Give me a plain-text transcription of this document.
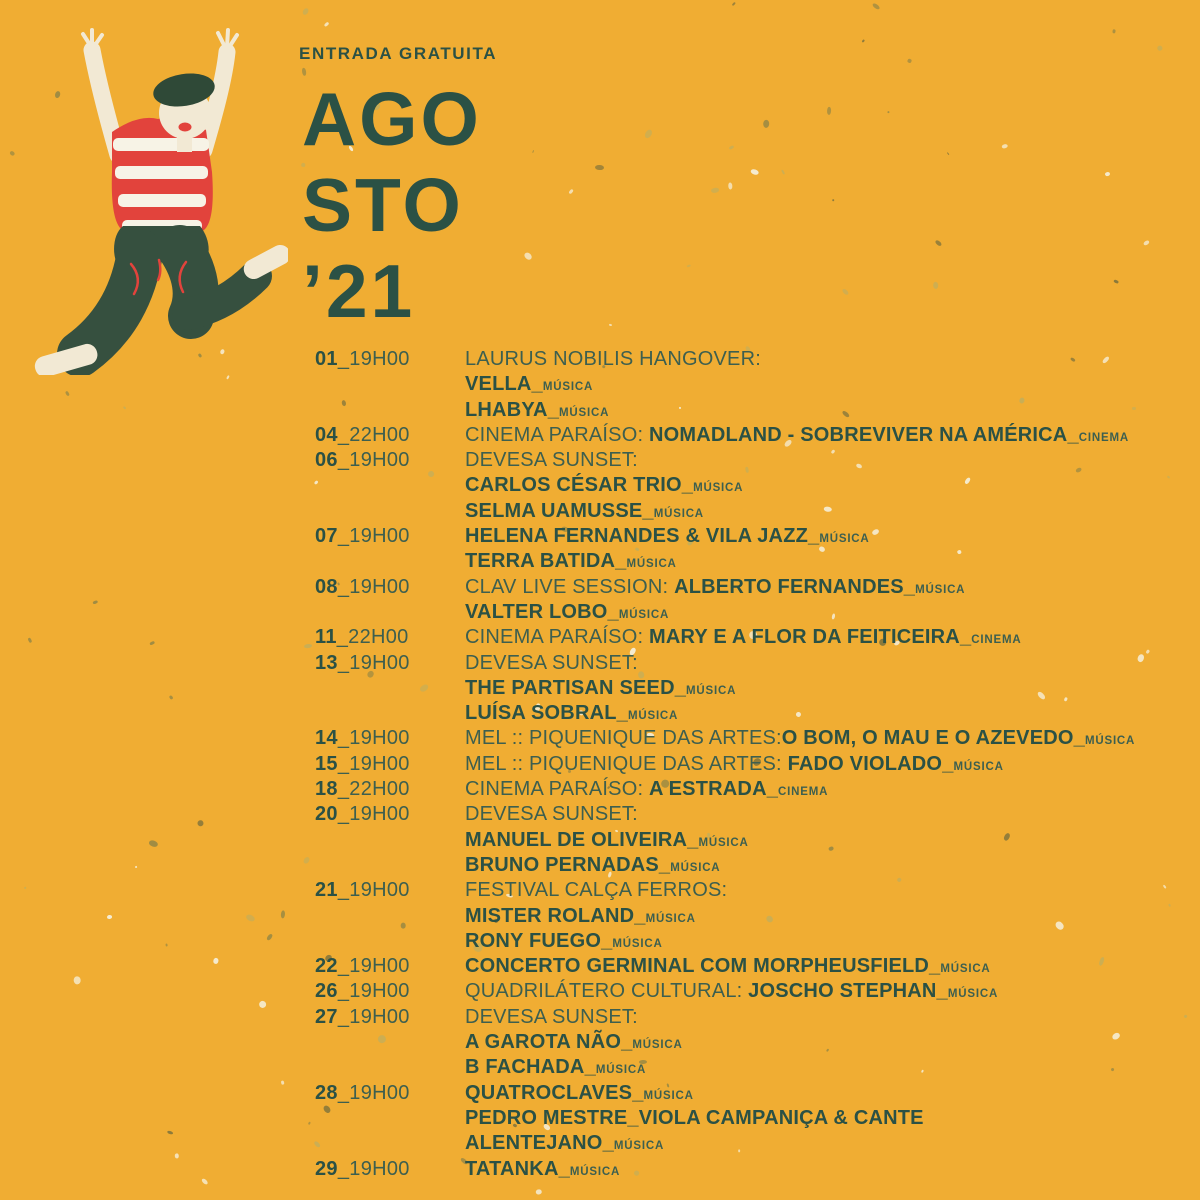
ENTRADA GRATUITA
AGO
STO
’21
01_19H00	LAURUS NOBILIS HANGOVER:
VELLA_MÚSICA
LHABYA_MÚSICA
04_22H00	CINEMA PARAÍSO: NOMADLAND - SOBREVIVER NA AMÉRICA_CINEMA
06_19H00	DEVESA SUNSET:
CARLOS CÉSAR TRIO_MÚSICA
SELMA UAMUSSE_MÚSICA
07_19H00	HELENA FERNANDES & VILA JAZZ_MÚSICA
TERRA BATIDA_MÚSICA
08_19H00	CLAV LIVE SESSION: ALBERTO FERNANDES_MÚSICA
VALTER LOBO_MÚSICA
11_22H00	CINEMA PARAÍSO: MARY E A FLOR DA FEITICEIRA_CINEMA
13_19H00	DEVESA SUNSET:
THE PARTISAN SEED_MÚSICA
LUÍSA SOBRAL_MÚSICA
14_19H00	MEL :: PIQUENIQUE DAS ARTES:O BOM, O MAU E O AZEVEDO_MÚSICA
15_19H00	MEL :: PIQUENIQUE DAS ARTES: FADO VIOLADO_MÚSICA
18_22H00	CINEMA PARAÍSO: A ESTRADA_CINEMA
20_19H00	DEVESA SUNSET:
MANUEL DE OLIVEIRA_MÚSICA
BRUNO PERNADAS_MÚSICA
21_19H00	FESTIVAL CALÇA FERROS:
MISTER ROLAND_MÚSICA
RONY FUEGO_MÚSICA
22_19H00	CONCERTO GERMINAL COM MORPHEUSFIELD_MÚSICA
26_19H00	QUADRILÁTERO CULTURAL: JOSCHO STEPHAN_MÚSICA
27_19H00	DEVESA SUNSET:
A GAROTA NÃO_MÚSICA
B FACHADA_MÚSICA
28_19H00	QUATROCLAVES_MÚSICA
PEDRO MESTRE_VIOLA CAMPANIÇA & CANTE
ALENTEJANO_MÚSICA
29_19H00	TATANKA_MÚSICA
